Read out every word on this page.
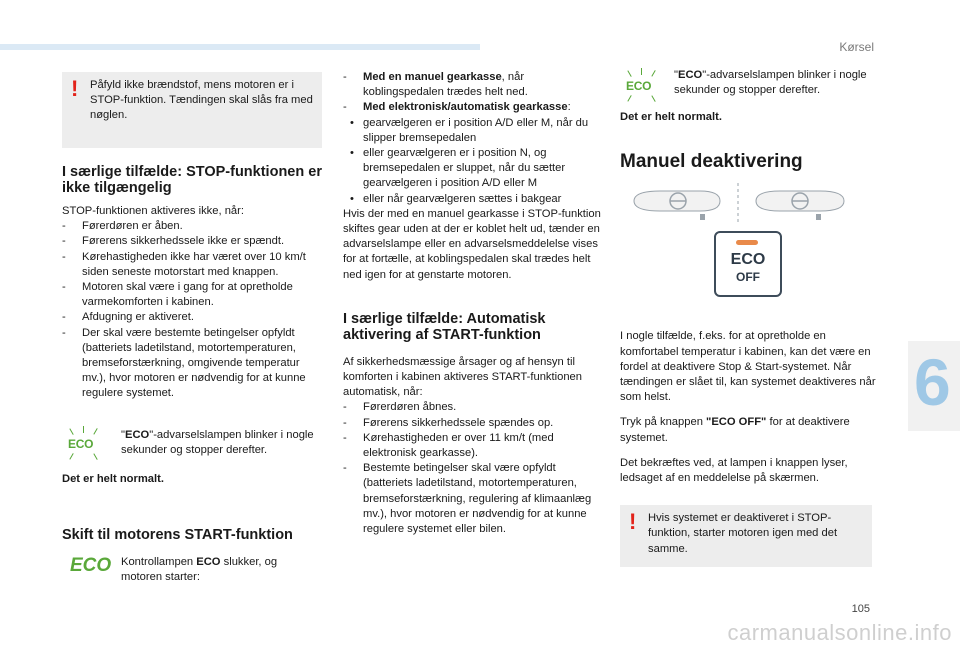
Kørsel
! Påfyld ikke brændstof, mens motoren er i STOP-funktion. Tændingen skal slås fra med nøglen.

I særlige tilfælde: STOP-funktionen er ikke tilgængelig

STOP-funktionen aktiveres ikke, når:

- Førerdøren er åben.
- Førerens sikkerhedssele ikke er spændt.
- Kørehastigheden ikke har været over 10 km/t siden seneste motorstart med knappen.
- Motoren skal være i gang for at opretholde varmekomforten i kabinen.
- Afdugning er aktiveret.
- Der skal være bestemte betingelser opfyldt (batteriets ladetilstand, motortemperaturen, bremseforstærkning, omgivende temperatur mv.), hvor motoren er nødvendig for at kunne regulere systemet.
ECO

"ECO"-advarselslampen blinker i nogle sekunder og stopper derefter.

Det er helt normalt.

Skift til motorens START-funktion
ECO Kontrollampen ECO slukker, og motoren starter:

- Med en manuel gearkasse, når koblingspedalen trædes helt ned.
- Med elektronisk/automatisk gearkasse:
• gearvælgeren er i position A/D eller M, når du slipper bremsepedalen
• eller gearvælgeren er i position N, og bremsepedalen er sluppet, når du sætter gearvælgeren i position A/D eller M
• eller når gearvælgeren sættes i bakgear

Hvis der med en manuel gearkasse i STOP-funktion skiftes gear uden at der er koblet helt ud, tænder en advarselslampe eller en advarselsmeddelelse vises for at fortælle, at koblingspedalen skal trædes helt ned igen for at genstarte motoren.

I særlige tilfælde: Automatisk aktivering af START-funktion

Af sikkerhedsmæssige årsager og af hensyn til komforten i kabinen aktiveres START-funktionen automatisk, når:

- Førerdøren åbnes.
- Førerens sikkerhedssele spændes op.
- Kørehastigheden er over 11 km/t (med elektronisk gearkasse).
- Bestemte betingelser skal være opfyldt (batteriets ladetilstand, motortemperaturen, bremseforstærkning, regulering af klimaanlæg mv.), hvor motoren er nødvendig for at kunne regulere systemet eller bilen.
ECO

"ECO"-advarselslampen blinker i nogle sekunder og stopper derefter.

Det er helt normalt.

Manuel deaktivering
ECO
OFF

I nogle tilfælde, f.eks. for at opretholde en komfortabel temperatur i kabinen, kan det være en fordel at deaktivere Stop & Start-systemet. Når tændingen er slået til, kan systemet deaktiveres når som helst.

Tryk på knappen "ECO OFF" for at deaktivere systemet.

Det bekræftes ved, at lampen i knappen lyser, ledsaget af en meddelelse på skærmen.

! Hvis systemet er deaktiveret i STOP-funktion, starter motoren igen med det samme.

6
105
carmanualsonline.info
